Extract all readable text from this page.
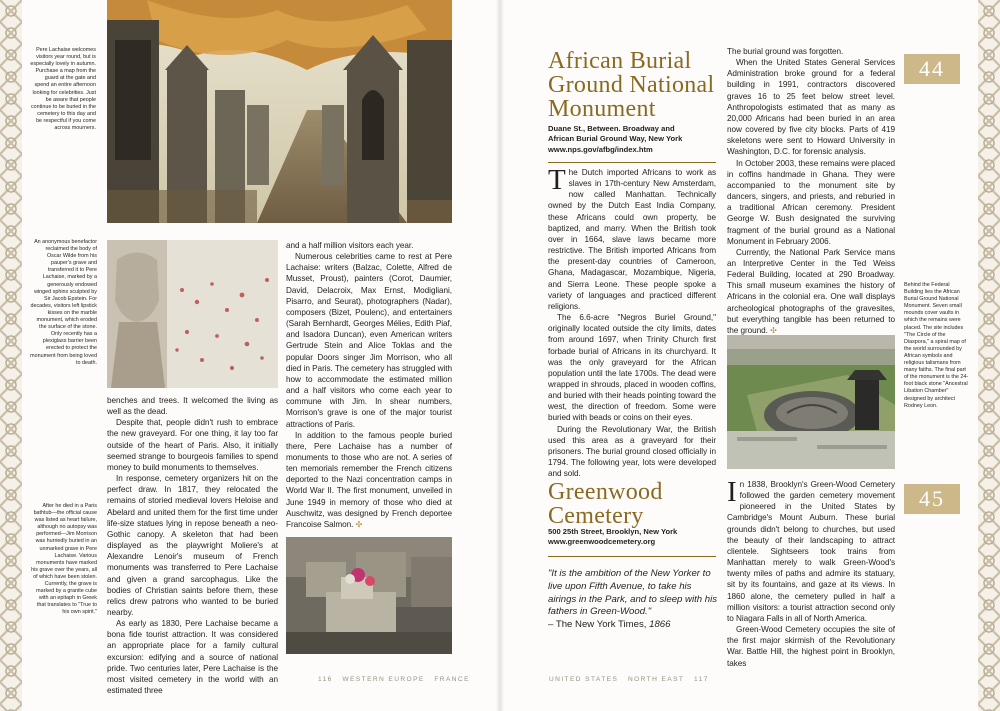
Pere Lachaise welcomes visitors year round, but is especially lovely in autumn. Purchase a map from the guard at the gate and spend an entire afternoon looking for celebrities. Just be aware that people continue to be buried in the cemetery to this day and be respectful if you come across mourners.
An anonymous benefactor reclaimed the body of Oscar Wilde from his pauper's grave and transferred it to Pere Lachaise, marked by a generously endowed winged sphinx sculpted by Sir Jacob Epstein. For decades, visitors left lipstick kisses on the marble monument, which eroded the surface of the stone. Only recently has a plexiglass barrier been erected to protect the monument from being loved to death.
After he died in a Paris bathtub—the official cause was listed as heart failure, although no autopsy was performed—Jim Morrison was hurriedly buried in an unmarked grave in Pere Lachaise. Various monuments have marked his grave over the years, all of which have been stolen. Currently, the grave is marked by a granite cube with an epitaph in Greek that translates to "True to his own spirit."

benches and trees. It welcomed the living as well as the dead.

Despite that, people didn't rush to embrace the new graveyard. For one thing, it lay too far outside of the heart of Paris. Also, it initially seemed strange to bourgeois families to spend money to build monuments to themselves.

In response, cemetery organizers hit on the perfect draw. In 1817, they relocated the remains of storied medieval lovers Heloise and Abelard and united them for the first time under life-size statues lying in repose beneath a neo-Gothic canopy. A skeleton that had been displayed as the playwright Moliere's at Alexandre Lenoir's museum of French monuments was transferred to Pere Lachaise and given a grand sarcophagus. Like the bodies of Christian saints before them, these relics drew patrons who wanted to be buried nearby.

As early as 1830, Pere Lachaise became a bona fide tourist attraction. It was considered an appropriate place for a family cultural excursion: edifying and a source of national pride. Two centuries later, Pere Lachaise is the most visited cemetery in the world with an estimated three

and a half million visitors each year.

Numerous celebrities came to rest at Pere Lachaise: writers (Balzac, Colette, Alfred de Musset, Proust), painters (Corot, Daumier, David, Delacroix, Max Ernst, Modigliani, Pisarro, and Seurat), photographers (Nadar), composers (Bizet, Poulenc), and entertainers (Sarah Bernhardt, Georges Mélies, Edith Piaf, and Isadora Duncan), even American writers Gertrude Stein and Alice Toklas and the popular Doors singer Jim Morrison, who all died in Paris. The cemetery has struggled with how to accommodate the estimated million and a half visitors who come each year to commune with Jim. In shear numbers, Morrison's grave is one of the major tourist attractions of Paris.

In addition to the famous people buried there, Pere Lachaise has a number of monuments to those who are not. A series of ten memorials remember the French citizens deported to the Nazi concentration camps in World War II. The first monument, unveiled in June 1949 in memory of those who died at Auschwitz, was designed by French deportee Francoise Salmon. ✣

116 WESTERN EUROPE FRANCE
African Burial
Ground National
Monument
Duane St., Between. Broadway and
African Burial Ground Way, New York
www.nps.gov/afbg/index.htm

The Dutch imported Africans to work as slaves in 17th-century New Amsterdam, now called Manhattan. Technically owned by the Dutch East India Company, these Africans could own property, be baptized, and marry. When the British took over in 1664, slave laws became more restrictive. The British imported Africans from the present-day countries of Cameroon, Ghana, Madagascar, Mozambique, Nigeria, and Sierra Leone. These people spoke a variety of languages and practiced different religions.

The 6.6-acre "Negros Buriel Ground," originally located outside the city limits, dates from around 1697, when Trinity Church first forbade burial of Africans in its churchyard. It was the only graveyard for the African population until the late 1700s. The dead were wrapped in shrouds, placed in wooden coffins, and buried with their heads pointing toward the west, the direction of freedom. Some were buried with beads or coins on their eyes.

During the Revolutionary War, the British used this area as a graveyard for their prisoners. The burial ground closed officially in 1794. The following year, lots were developed and sold.

The burial ground was forgotten.

When the United States General Services Administration broke ground for a federal building in 1991, contractors discovered graves 16 to 25 feet below street level. Anthropologists estimated that as many as 20,000 Africans had been buried in an area now covered by five city blocks. Parts of 419 skeletons were sent to Howard University in Washington, D.C. for forensic analysis.

In October 2003, these remains were placed in coffins handmade in Ghana. They were accompanied to the monument site by dancers, singers, and priests, and reburied in a traditional African ceremony. President George W. Bush designated the surviving fragment of the burial ground as a National Monument in February 2006.

Currently, the National Park Service mans an Interpretive Center in the Ted Weiss Federal Building, located at 290 Broadway. This small museum examines the history of Africans in the colonial era. One wall displays archeological photographs of the gravesites, but everything tangible has been returned to the ground. ✣

Behind the Federal Building lies the African Burial Ground National Monument. Seven small mounds cover vaults in which the remains were placed. The site includes "The Circle of the Diaspora," a spiral map of the world surrounded by African symbols and religious talismans from many faiths. The final part of the monument is the 24-foot black stone "Ancestral Libation Chamber" designed by architect Rodney Leon.
44
45
Greenwood
Cemetery
500 25th Street, Brooklyn, New York
www.greenwoodcemetery.org
"It is the ambition of the New Yorker to live upon Fifth Avenue, to take his airings in the Park, and to sleep with his fathers in Green-Wood."
– The New York Times, 1866

In 1838, Brooklyn's Green-Wood Cemetery followed the garden cemetery movement pioneered in the United States by Cambridge's Mount Auburn. These burial grounds didn't belong to churches, but used the beauty of their landscaping to attract clientele. Sightseers took trains from Manhattan merely to walk Green-Wood's twenty miles of paths and admire its statuary, sit by its fountains, and gaze at its views. In 1860 alone, the cemetery pulled in half a million visitors: a tourist attraction second only to Niagara Falls in all of North America.

Green-Wood Cemetery occupies the site of the first major skirmish of the Revolutionary War. Battle Hill, the highest point in Brooklyn, takes

UNITED STATES NORTH EAST 117
